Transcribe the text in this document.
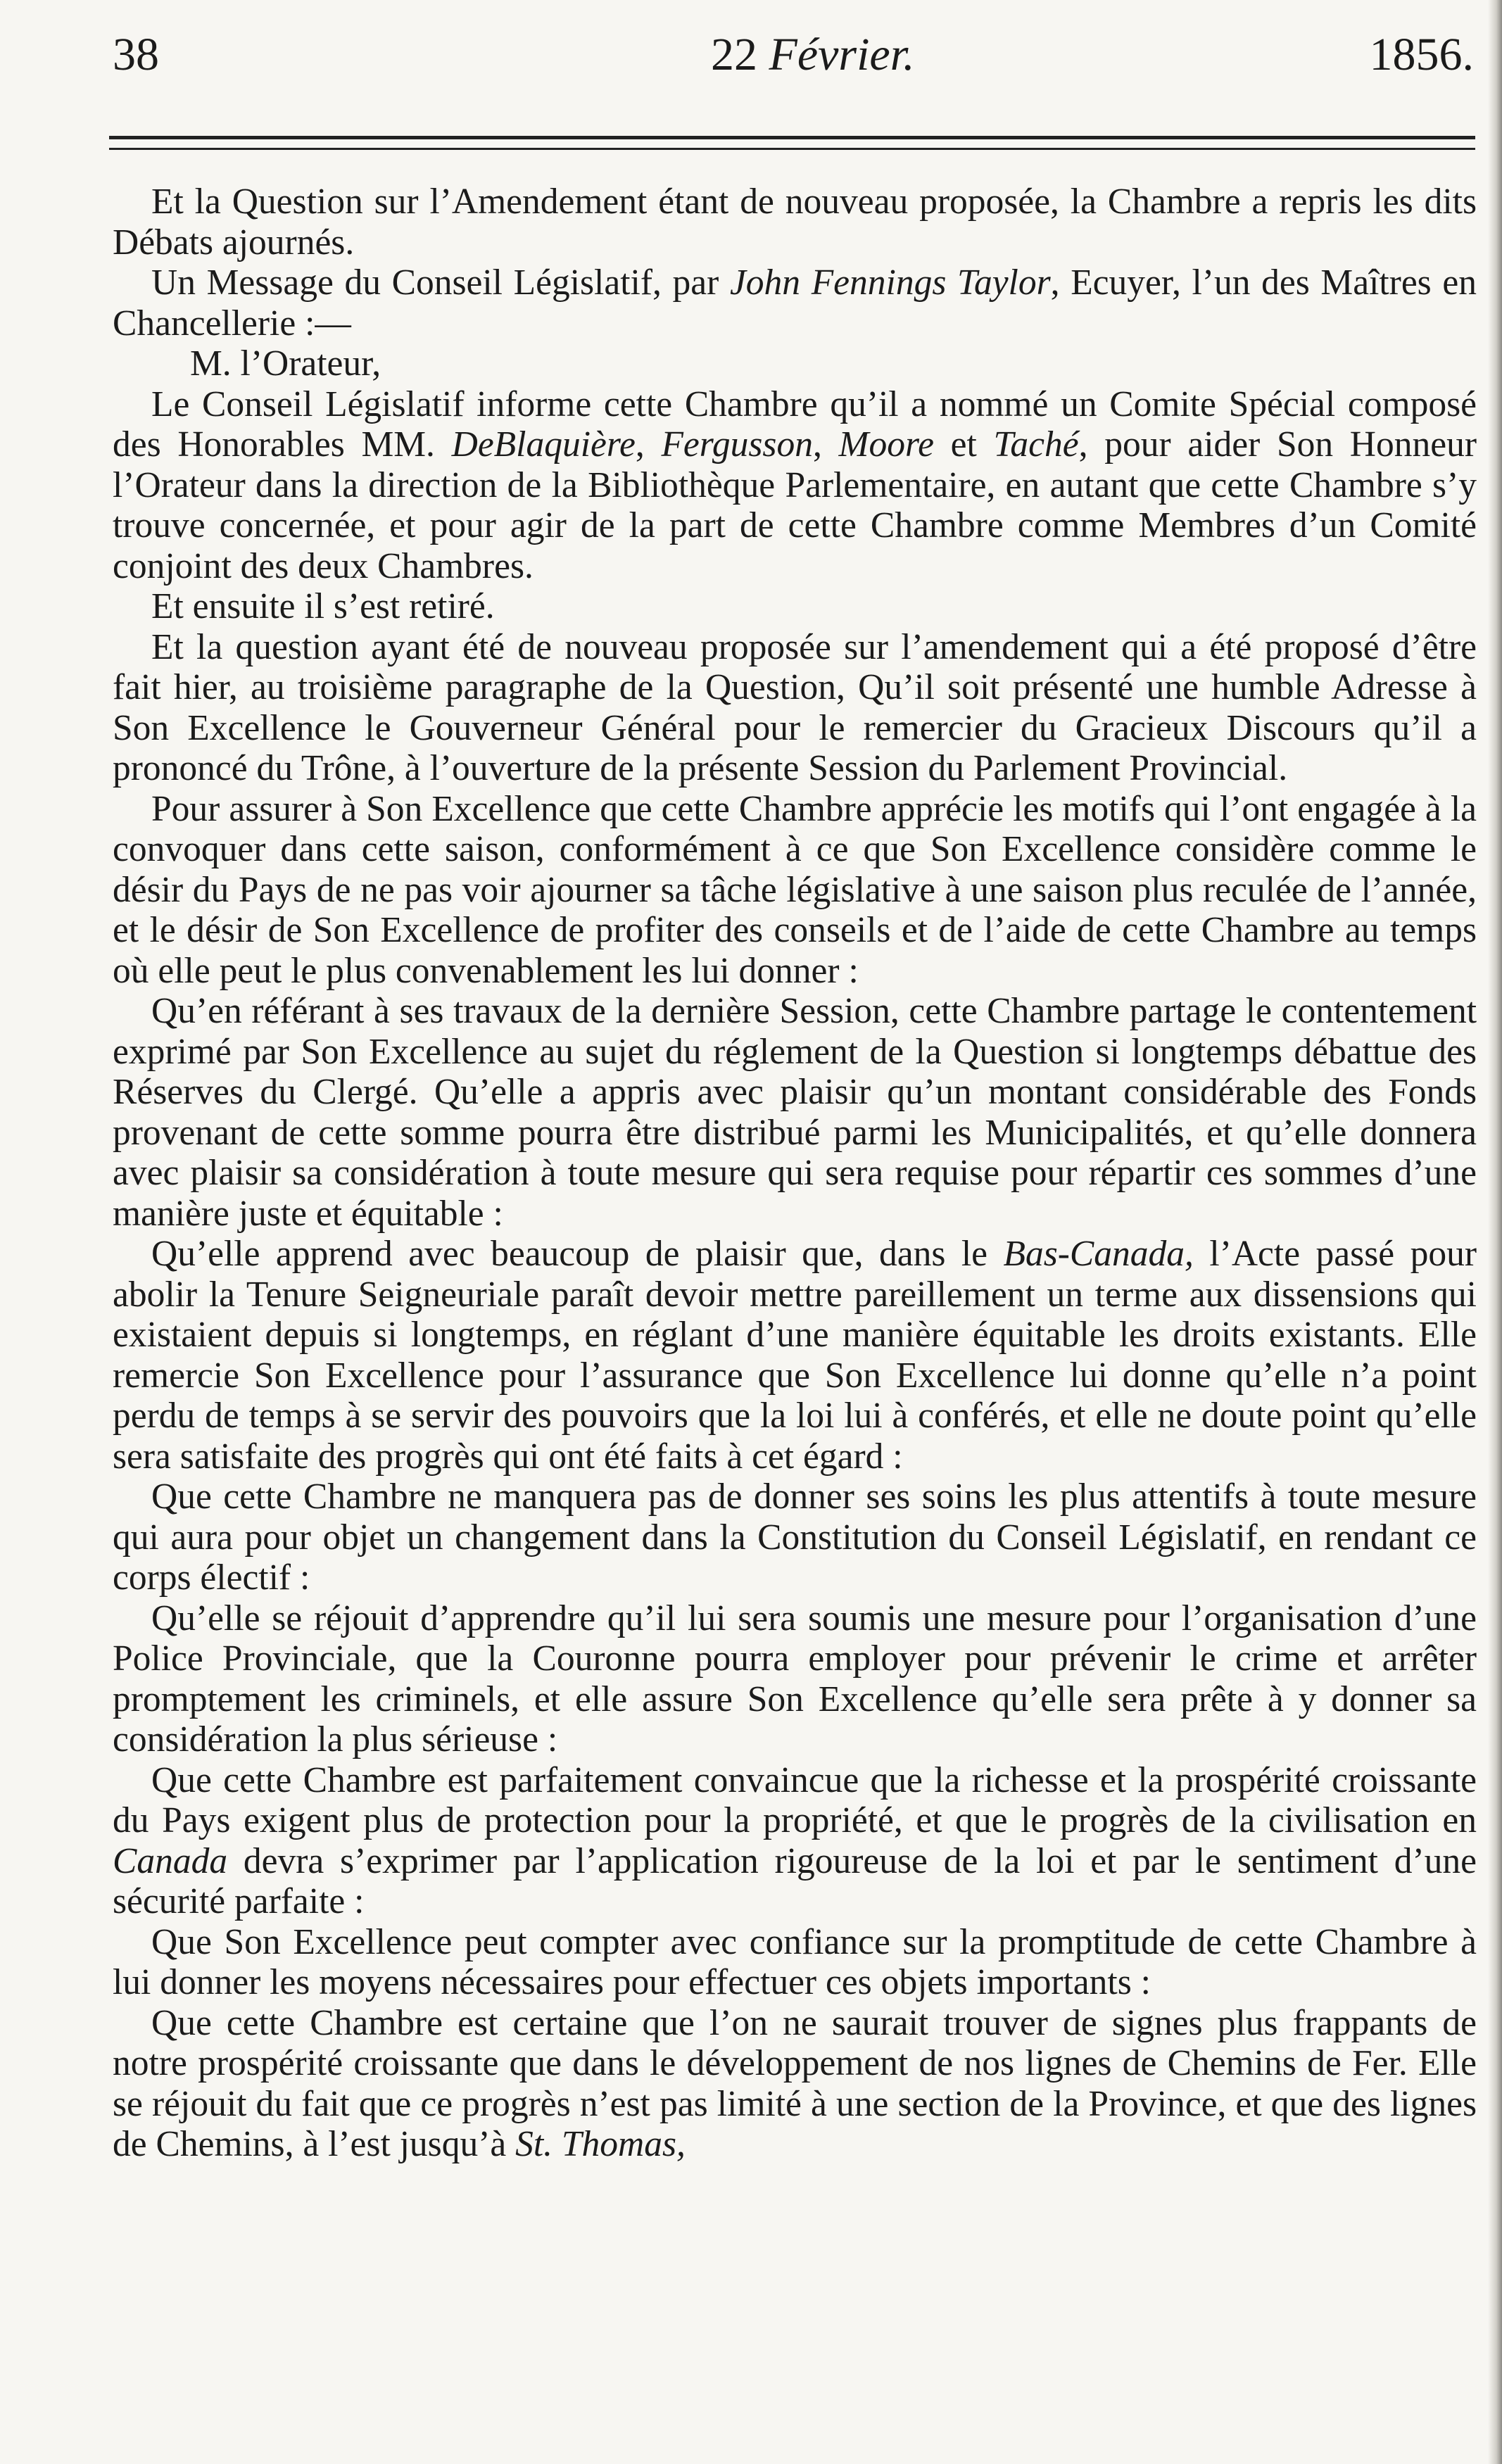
38	22 Février.	1856.

Et la Question sur l’Amendement étant de nouveau proposée, la Chambre a repris les dits Débats ajournés.

Un Message du Conseil Législatif, par John Fennings Taylor, Ecuyer, l’un des Maîtres en Chancellerie :—

M. l’Orateur,

Le Conseil Législatif informe cette Chambre qu’il a nommé un Comite Spécial composé des Honorables MM. DeBlaquière, Fergusson, Moore et Taché, pour aider Son Honneur l’Orateur dans la direction de la Bibliothèque Parlementaire, en autant que cette Chambre s’y trouve concernée, et pour agir de la part de cette Chambre comme Membres d’un Comité conjoint des deux Chambres.

Et ensuite il s’est retiré.

Et la question ayant été de nouveau proposée sur l’amendement qui a été proposé d’être fait hier, au troisième paragraphe de la Question, Qu’il soit présenté une humble Adresse à Son Excellence le Gouverneur Général pour le remercier du Gracieux Discours qu’il a prononcé du Trône, à l’ouverture de la présente Session du Parlement Provincial.

Pour assurer à Son Excellence que cette Chambre apprécie les motifs qui l’ont engagée à la convoquer dans cette saison, conformément à ce que Son Excellence considère comme le désir du Pays de ne pas voir ajourner sa tâche législative à une saison plus reculée de l’année, et le désir de Son Excellence de profiter des conseils et de l’aide de cette Chambre au temps où elle peut le plus convenablement les lui donner :

Qu’en référant à ses travaux de la dernière Session, cette Chambre partage le contentement exprimé par Son Excellence au sujet du réglement de la Question si longtemps débattue des Réserves du Clergé. Qu’elle a appris avec plaisir qu’un montant considérable des Fonds provenant de cette somme pourra être distribué parmi les Municipalités, et qu’elle donnera avec plaisir sa considération à toute mesure qui sera requise pour répartir ces sommes d’une manière juste et équitable :

Qu’elle apprend avec beaucoup de plaisir que, dans le Bas-Canada, l’Acte passé pour abolir la Tenure Seigneuriale paraît devoir mettre pareillement un terme aux dissensions qui existaient depuis si longtemps, en réglant d’une manière équitable les droits existants. Elle remercie Son Excellence pour l’assurance que Son Excellence lui donne qu’elle n’a point perdu de temps à se servir des pouvoirs que la loi lui à conférés, et elle ne doute point qu’elle sera satisfaite des progrès qui ont été faits à cet égard :

Que cette Chambre ne manquera pas de donner ses soins les plus attentifs à toute mesure qui aura pour objet un changement dans la Constitution du Conseil Législatif, en rendant ce corps électif :

Qu’elle se réjouit d’apprendre qu’il lui sera soumis une mesure pour l’organisation d’une Police Provinciale, que la Couronne pourra employer pour prévenir le crime et arrêter promptement les criminels, et elle assure Son Excellence qu’elle sera prête à y donner sa considération la plus sérieuse :

Que cette Chambre est parfaitement convaincue que la richesse et la prospérité croissante du Pays exigent plus de protection pour la propriété, et que le progrès de la civilisation en Canada devra s’exprimer par l’application rigoureuse de la loi et par le sentiment d’une sécurité parfaite :

Que Son Excellence peut compter avec confiance sur la promptitude de cette Chambre à lui donner les moyens nécessaires pour effectuer ces objets importants :

Que cette Chambre est certaine que l’on ne saurait trouver de signes plus frappants de notre prospérité croissante que dans le développement de nos lignes de Chemins de Fer. Elle se réjouit du fait que ce progrès n’est pas limité à une section de la Province, et que des lignes de Chemins, à l’est jusqu’à St. Thomas,
